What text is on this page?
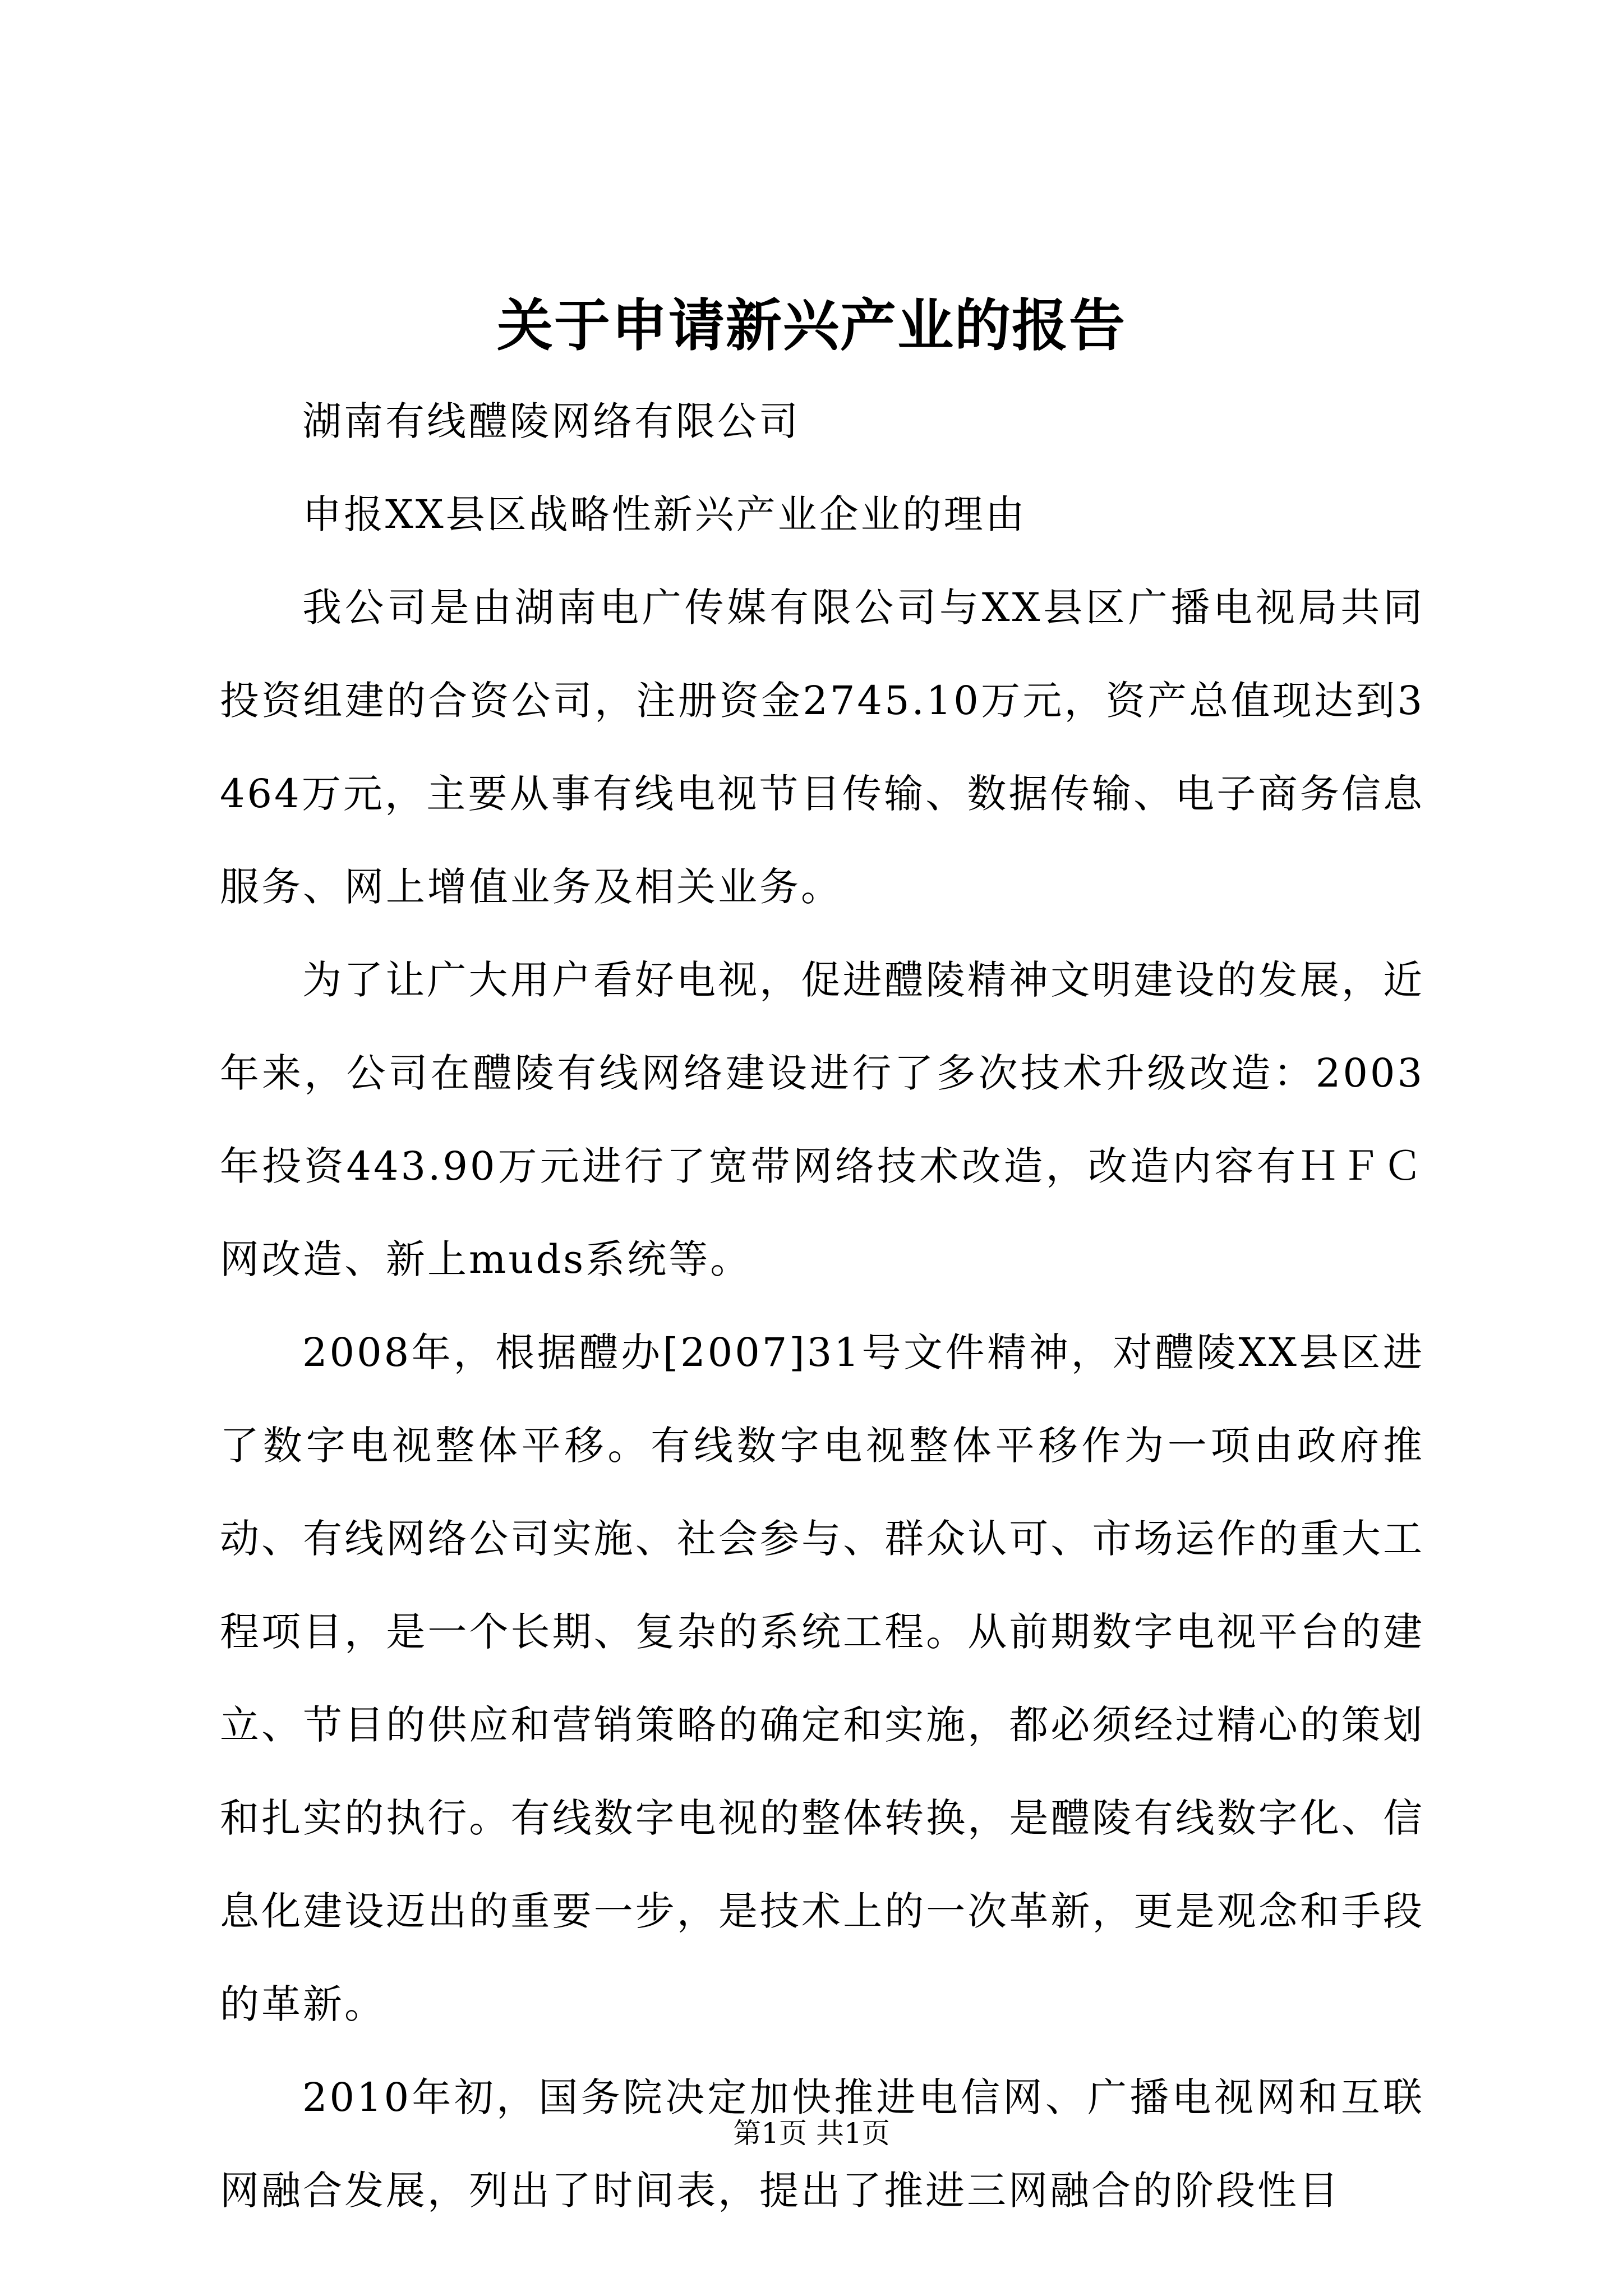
关于申请新兴产业的报告

湖南有线醴陵网络有限公司

申报XX县区战略性新兴产业企业的理由

我公司是由湖南电广传媒有限公司与XX县区广播电视局共同投资组建的合资公司，注册资金2745.10万元，资产总值现达到3464万元，主要从事有线电视节目传输、数据传输、电子商务信息服务、网上增值业务及相关业务。

为了让广大用户看好电视，促进醴陵精神文明建设的发展，近年来，公司在醴陵有线网络建设进行了多次技术升级改造：2003年投资443.90万元进行了宽带网络技术改造，改造内容有ＨＦＣ网改造、新上muds系统等。

2008年，根据醴办[2007]31号文件精神，对醴陵XX县区进了数字电视整体平移。有线数字电视整体平移作为一项由政府推动、有线网络公司实施、社会参与、群众认可、市场运作的重大工程项目，是一个长期、复杂的系统工程。从前期数字电视平台的建立、节目的供应和营销策略的确定和实施，都必须经过精心的策划和扎实的执行。有线数字电视的整体转换，是醴陵有线数字化、信息化建设迈出的重要一步，是技术上的一次革新，更是观念和手段的革新。

2010年初，国务院决定加快推进电信网、广播电视网和互联网融合发展，列出了时间表，提出了推进三网融合的阶段性目

第1页 共1页
